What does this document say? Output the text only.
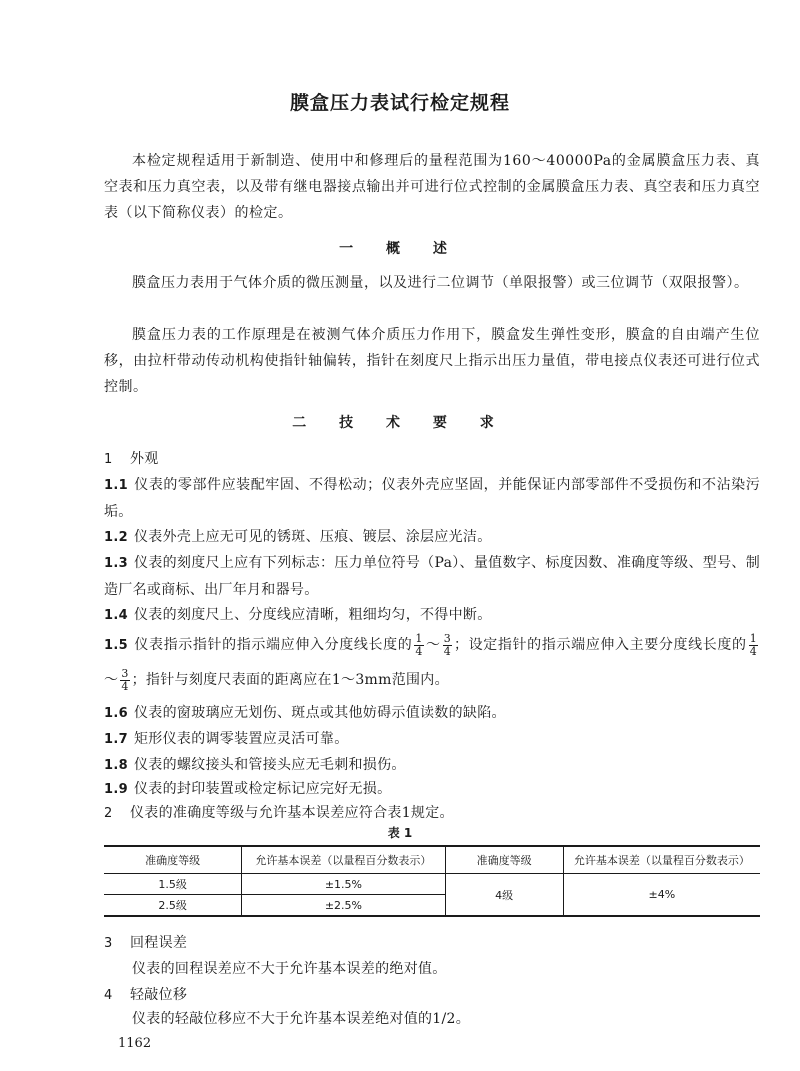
膜盒压力表试行检定规程
本检定规程适用于新制造、使用中和修理后的量程范围为160～40000Pa的金属膜盒压力表、真空表和压力真空表，以及带有继电器接点输出并可进行位式控制的金属膜盒压力表、真空表和压力真空表（以下简称仪表）的检定。
一 概 述
膜盒压力表用于气体介质的微压测量，以及进行二位调节（单限报警）或三位调节（双限报警）。
膜盒压力表的工作原理是在被测气体介质压力作用下，膜盒发生弹性变形，膜盒的自由端产生位移，由拉杆带动传动机构使指针轴偏转，指针在刻度尺上指示出压力量值，带电接点仪表还可进行位式控制。
二 技 术 要 求
1 外观
1.1 仪表的零部件应装配牢固、不得松动；仪表外壳应坚固，并能保证内部零部件不受损伤和不沾染污垢。
1.2 仪表外壳上应无可见的锈斑、压痕、镀层、涂层应光洁。
1.3 仪表的刻度尺上应有下列标志：压力单位符号（Pa）、量值数字、标度因数、准确度等级、型号、制造厂名或商标、出厂年月和器号。
1.4 仪表的刻度尺上、分度线应清晰，粗细均匀，不得中断。
1.5 仪表指示指针的指示端应伸入分度线长度的 $\frac{1}{4}$ ～ $\frac{3}{4}$ ；设定指针的指示端应伸入主要分度线长度的 $\frac{1}{4}$
～ $\frac{3}{4}$ ；指针与刻度尺表面的距离应在1～3mm范围内。
1.6 仪表的窗玻璃应无划伤、斑点或其他妨碍示值读数的缺陷。
1.7 矩形仪表的调零装置应灵活可靠。
1.8 仪表的螺纹接头和管接头应无毛刺和损伤。
1.9 仪表的封印装置或检定标记应完好无损。
2 仪表的准确度等级与允许基本误差应符合表1规定。
表 1
准确度等级	允许基本误差（以量程百分数表示）	准确度等级	允许基本误差（以量程百分数表示）
1.5级	±1.5%	4级	±4%
2.5级	±2.5%		
3 回程误差
仪表的回程误差应不大于允许基本误差的绝对值。
4 轻敲位移
仪表的轻敲位移应不大于允许基本误差绝对值的1/2。
1162
